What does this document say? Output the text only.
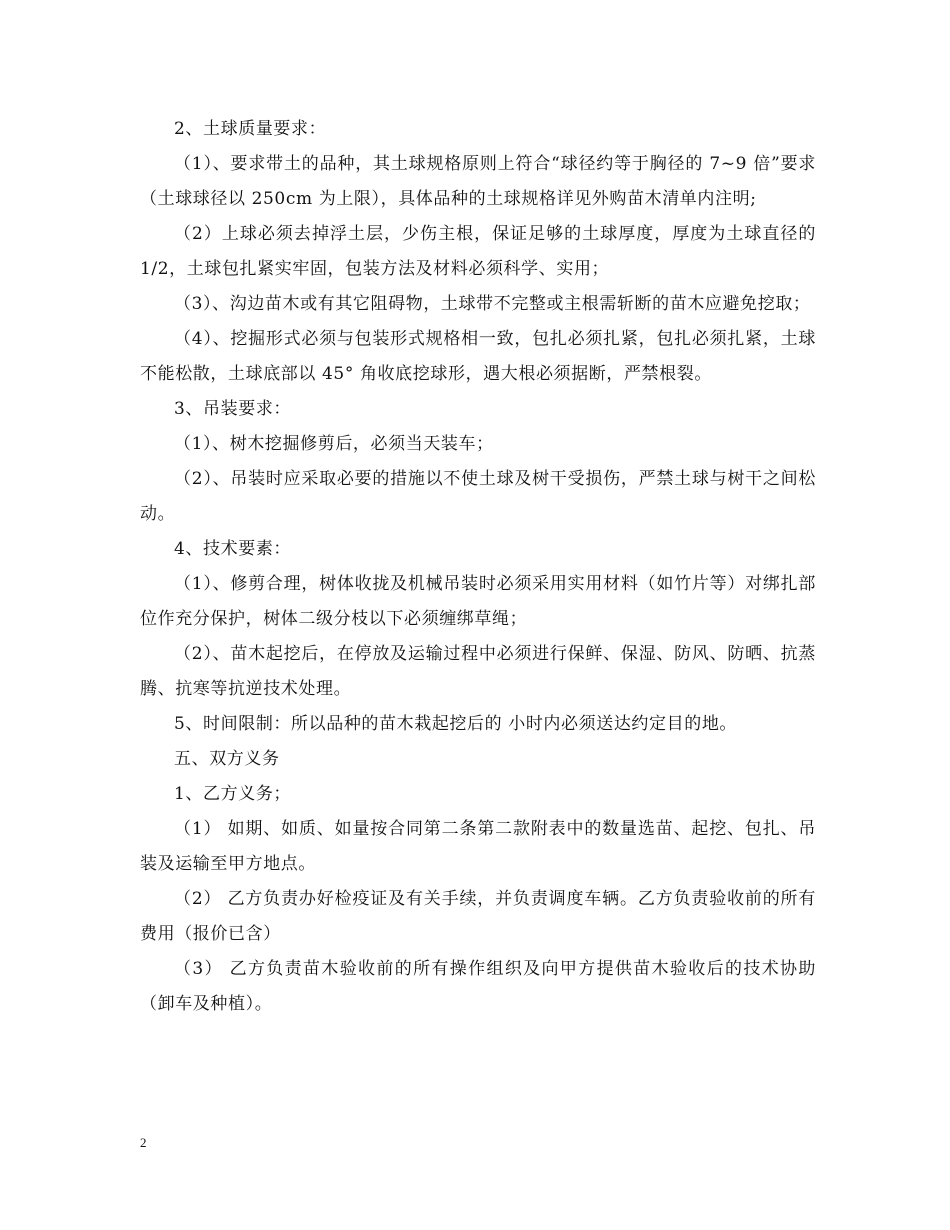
2、土球质量要求：

（1）、要求带土的品种，其土球规格原则上符合“球径约等于胸径的 7~9 倍”要求（土球球径以 250cm 为上限），具体品种的土球规格详见外购苗木清单内注明;

（2）上球必须去掉浮土层，少伤主根，保证足够的土球厚度，厚度为土球直径的 1/2，土球包扎紧实牢固，包装方法及材料必须科学、实用；

（3）、沟边苗木或有其它阻碍物，土球带不完整或主根需斩断的苗木应避免挖取；

（4）、挖掘形式必须与包装形式规格相一致，包扎必须扎紧，包扎必须扎紧，土球不能松散，土球底部以 45° 角收底挖球形，遇大根必须据断，严禁根裂。

3、吊装要求：

（1）、树木挖掘修剪后，必须当天装车；

（2）、吊装时应采取必要的措施以不使土球及树干受损伤，严禁土球与树干之间松动。

4、技术要素：

（1）、修剪合理，树体收拢及机械吊装时必须采用实用材料（如竹片等）对绑扎部位作充分保护，树体二级分枝以下必须缠绑草绳；

（2）、苗木起挖后，在停放及运输过程中必须进行保鲜、保湿、防风、防晒、抗蒸腾、抗寒等抗逆技术处理。

5、时间限制：所以品种的苗木栽起挖后的 小时内必须送达约定目的地。

五、双方义务

1、乙方义务；

（1） 如期、如质、如量按合同第二条第二款附表中的数量选苗、起挖、包扎、吊装及运输至甲方地点。

（2） 乙方负责办好检疫证及有关手续，并负责调度车辆。乙方负责验收前的所有费用（报价已含）

（3） 乙方负责苗木验收前的所有操作组织及向甲方提供苗木验收后的技术协助（卸车及种植）。

2
